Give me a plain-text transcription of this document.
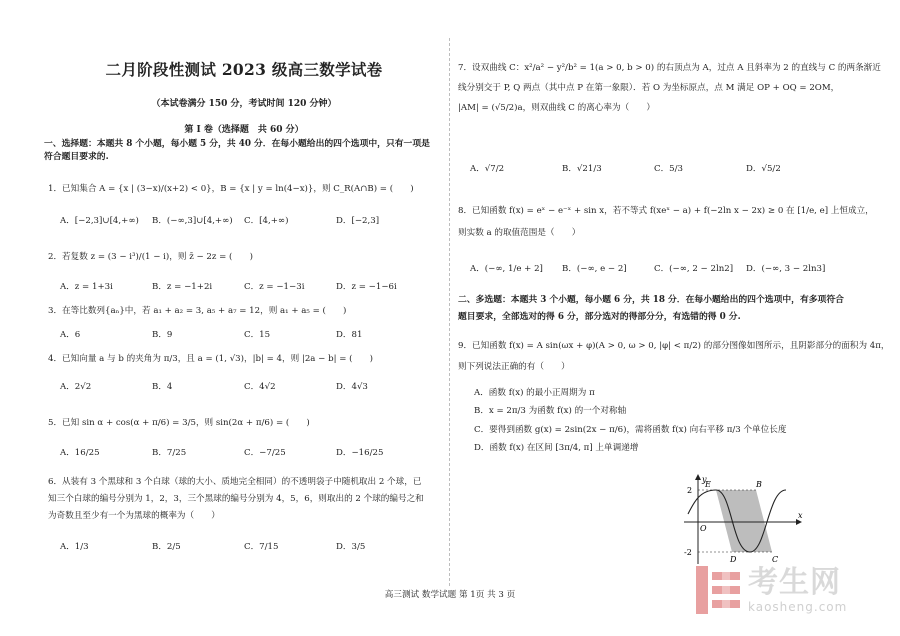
二月阶段性测试 2023 级高三数学试卷
（本试卷满分 150 分，考试时间 120 分钟）
第 I 卷（选择题　共 60 分）
一、选择题：本题共 8 个小题，每小题 5 分，共 40 分．在每小题给出的四个选项中，只有一项是
符合题目要求的.
1．已知集合 A = {x | (3−x)/(x+2) < 0}，B = {x | y = ln(4−x)}，则 C_R(A∩B) = (　　)
A．[−2,3]∪[4,+∞)	B．(−∞,3]∪[4,+∞)	C．[4,+∞)	D．[−2,3]
2．若复数 z = (3 − i³)/(1 − i)，则 z̄ − 2z = (　　)
A．z = 1+3i	B．z = −1+2i	C．z = −1−3i	D．z = −1−6i
3．在等比数列{aₙ}中，若 a₁ + a₂ = 3, a₅ + a₇ = 12，则 a₁ + a₅ = (　　)
A．6	B．9	C．15	D．81
4．已知向量 a 与 b 的夹角为 π/3，且 a = (1, √3)，|b| = 4，则 |2a − b| = (　　)
A．2√2	B．4	C．4√2	D．4√3
5．已知 sin α + cos(α + π/6) = 3/5，则 sin(2α + π/6) = (　　)
A．16/25	B．7/25	C．−7/25	D．−16/25
6．从装有 3 个黑球和 3 个白球（球的大小、质地完全相同）的不透明袋子中随机取出 2 个球，已
知三个白球的编号分别为 1，2，3，三个黑球的编号分别为 4，5，6，则取出的 2 个球的编号之和
为奇数且至少有一个为黑球的概率为（　　）
A．1/3	B．2/5	C．7/15	D．3/5
7．设双曲线 C：x²/a² − y²/b² = 1(a > 0, b > 0) 的右顶点为 A，过点 A 且斜率为 2 的直线与 C 的两条渐近
线分别交于 P, Q 两点（其中点 P 在第一象限）．若 O 为坐标原点，点 M 满足 OP + OQ = 2OM，
|AM| = (√5/2)a，则双曲线 C 的离心率为（　　）
A．√7/2	B．√21/3	C．5/3	D．√5/2
8．已知函数 f(x) = eˣ − e⁻ˣ + sin x，若不等式 f(xeˣ − a) + f(−2ln x − 2x) ≥ 0 在 [1/e, e] 上恒成立，
则实数 a 的取值范围是（　　）
A．(−∞, 1/e + 2]	B．(−∞, e − 2]	C．(−∞, 2 − 2ln2]	D．(−∞, 3 − 2ln3]
二、多选题：本题共 3 个小题，每小题 6 分，共 18 分．在每小题给出的四个选项中，有多项符合
题目要求，全部选对的得 6 分，部分选对的得部分分，有选错的得 0 分.
9．已知函数 f(x) = A sin(ωx + φ)(A > 0, ω > 0, |φ| < π/2) 的部分图像如图所示，且阴影部分的面积为 4π，
则下列说法正确的有（　　）
A．函数 f(x) 的最小正周期为 π
B．x = 2π/3 为函数 f(x) 的一个对称轴
C．要得到函数 g(x) = 2sin(2x − π/6)，需将函数 f(x) 向右平移 π/3 个单位长度
D．函数 f(x) 在区间 [3π/4, π] 上单调递增
2
-2
y
x
O
E	B
D	C
高三测试 数学试题 第 1页 共 3 页	考生网
kaosheng.com
